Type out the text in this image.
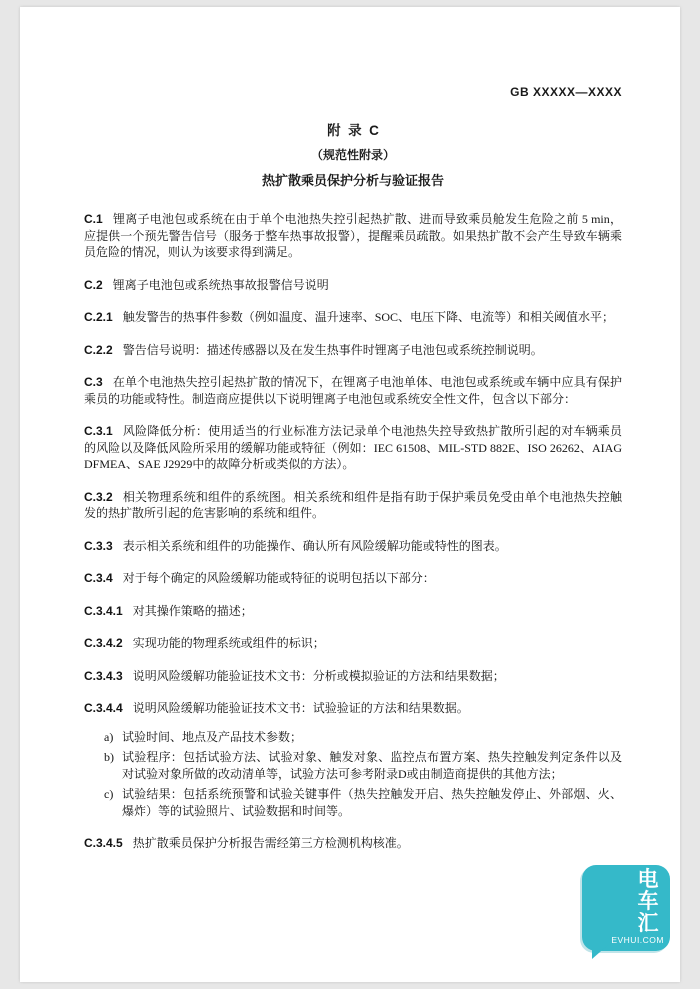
GB XXXXX—XXXX
附  录  C
（规范性附录）
热扩散乘员保护分析与验证报告

C.1 锂离子电池包或系统在由于单个电池热失控引起热扩散、进而导致乘员舱发生危险之前 5 min，应提供一个预先警告信号（服务于整车热事故报警），提醒乘员疏散。如果热扩散不会产生导致车辆乘员危险的情况，则认为该要求得到满足。

C.2 锂离子电池包或系统热事故报警信号说明

C.2.1 触发警告的热事件参数（例如温度、温升速率、SOC、电压下降、电流等）和相关阈值水平；

C.2.2 警告信号说明：描述传感器以及在发生热事件时锂离子电池包或系统控制说明。

C.3 在单个电池热失控引起热扩散的情况下，在锂离子电池单体、电池包或系统或车辆中应具有保护乘员的功能或特性。制造商应提供以下说明锂离子电池包或系统安全性文件，包含以下部分：

C.3.1 风险降低分析：使用适当的行业标准方法记录单个电池热失控导致热扩散所引起的对车辆乘员的风险以及降低风险所采用的缓解功能或特征（例如：IEC 61508、MIL-STD 882E、ISO 26262、AIAG DFMEA、SAE J2929中的故障分析或类似的方法）。

C.3.2 相关物理系统和组件的系统图。相关系统和组件是指有助于保护乘员免受由单个电池热失控触发的热扩散所引起的危害影响的系统和组件。

C.3.3 表示相关系统和组件的功能操作、确认所有风险缓解功能或特性的图表。

C.3.4 对于每个确定的风险缓解功能或特征的说明包括以下部分：

C.3.4.1 对其操作策略的描述；

C.3.4.2 实现功能的物理系统或组件的标识；

C.3.4.3 说明风险缓解功能验证技术文书：分析或模拟验证的方法和结果数据；

C.3.4.4 说明风险缓解功能验证技术文书：试验验证的方法和结果数据。

a) 试验时间、地点及产品技术参数；
b) 试验程序：包括试验方法、试验对象、触发对象、监控点布置方案、热失控触发判定条件以及对试验对象所做的改动清单等，试验方法可参考附录D或由制造商提供的其他方法；
c) 试验结果：包括系统预警和试验关键事件（热失控触发开启、热失控触发停止、外部烟、火、爆炸）等的试验照片、试验数据和时间等。

C.3.4.5 热扩散乘员保护分析报告需经第三方检测机构核准。

电车汇
EVHUI.COM
